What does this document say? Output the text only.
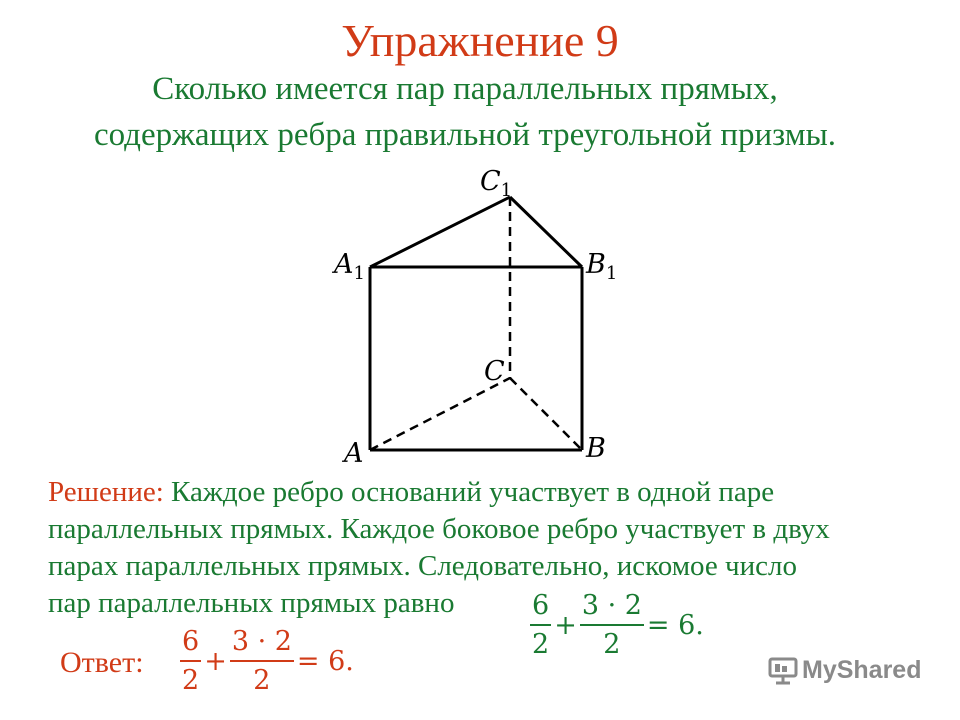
Упражнение 9
Сколько имеется пар параллельных прямых,
содержащих ребра правильной треугольной призмы.
$C_1$
$A_1$	$B_1$
C
A	B
Решение: Каждое ребро оснований участвует в одной паре
параллельных прямых. Каждое боковое ребро участвует в двух
парах параллельных прямых. Следовательно, искомое число
пар параллельных прямых равно	$\frac{6}{2} + \frac{3 \cdot 2}{2} = 6$.
Ответ: $\frac{6}{2} + \frac{3 \cdot 2}{2} = 6$.	MyShared
